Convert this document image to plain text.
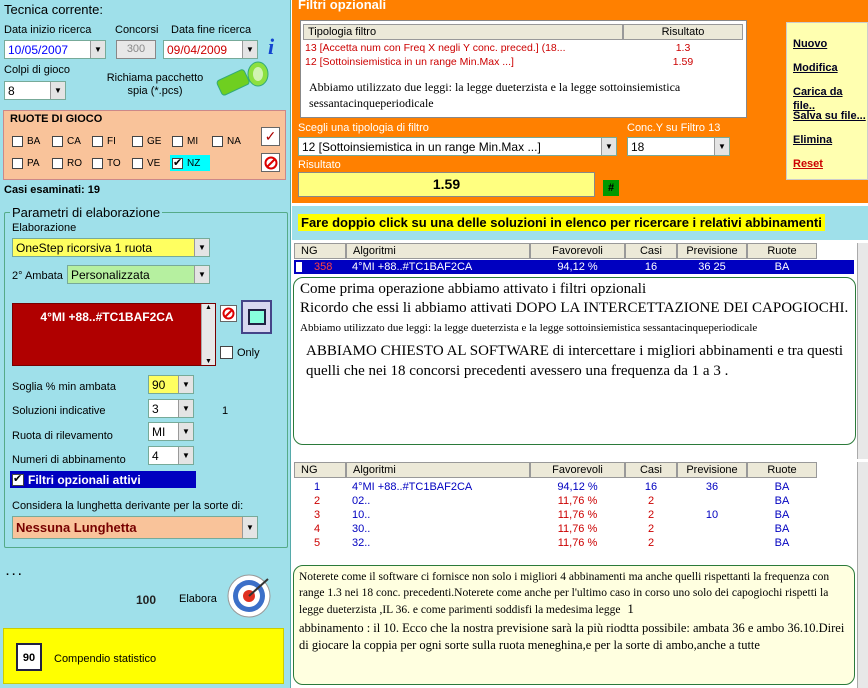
Tecnica corrente:
Data inizio ricerca Concorsi Data fine ricerca
10/05/2007	▼	300	09/04/2009	▼ i
Colpi di gioco
8	▼
Richiama pacchetto spia (*.pcs)
RUOTE DI GIOCO
BA	CA	FI	GE	MI	NA
PA	RO	TO	VE
✔	NZ
✓
Casi esaminati: 19
Parametri di elaborazione
Elaborazione
OneStep ricorsiva 1 ruota	▼
2° Ambata Personalizzata	▼
4°MI +88..#TC1BAF2CA
▲
▼
Only
Soglia % min ambata	90	▼
Soluzioni indicative	3	▼	1
Ruota di rilevamento	MI	▼
Numeri di abbinamento 4	▼
✔
Filtri opzionali attivi
Considera la lunghetta derivante per la sorte di:
Nessuna Lunghetta	▼
. . .
100 Elabora
90	Compendio statistico
Filtri opzionali
Tipologia filtro	Risultato
13 [Accetta num con Freq X negli Y conc. preced.] (18...	1.3
12 [Sottoinsiemistica in un range Min.Max ...]	1.59
Abbiamo utilizzato due leggi: la legge dueterzista e la legge sottoinsiemistica sessantacinqueperiodicale
Nuovo
Modifica
Carica da file..
Salva su file...
Elimina
Reset
Scegli una tipologia di filtro
12 [Sottoinsiemistica in un range Min.Max ...]	▼
Conc.Y su Filtro 13
18	▼
Risultato
1.59	#
Fare doppio click su una delle soluzioni in elenco per ricercare i relativi abbinamenti
NG	Algoritmi	Favorevoli	Casi	Previsione	Ruote
358	4°MI +88..#TC1BAF2CA	94,12 %	16	36 25	BA
Come prima operazione abbiamo attivato i filtri opzionali
Ricordo che essi li abbiamo attivati DOPO LA INTERCETTAZIONE DEI CAPOGIOCHI.
Abbiamo utilizzato due leggi: la legge dueterzista e la legge sottoinsiemistica sessantacinqueperiodicale
ABBIAMO CHIESTO AL SOFTWARE di intercettare i migliori abbinamenti e tra questi quelli che nei 18 concorsi precedenti avessero una frequenza da 1 a 3 .
NG	Algoritmi	Favorevoli	Casi	Previsione	Ruote
1	4°MI +88..#TC1BAF2CA	94,12 %	16	36	BA
2	02..	11,76 %	2	BA
3	10..	11,76 %	2	10	BA
4	30..	11,76 %	2	BA
5	32..	11,76 %	2	BA
Noterete come il software ci fornisce non solo i migliori 4 abbinamenti ma anche quelli rispettanti la frequenza con range 1.3 nei 18 conc. precedenti.Noterete come anche per l'ultimo caso in corso uno solo dei capogiochi rispetti la legge dueterzista ,IL 36. e come parimenti soddisfi la medesima legge 1
abbinamento : il 10. Ecco che la nostra previsione sarà la più riodtta possibile: ambata 36 e ambo 36.10.Direi di giocare la coppia per ogni sorte sulla ruota meneghina,e per la sorte di ambo,anche a tutte
